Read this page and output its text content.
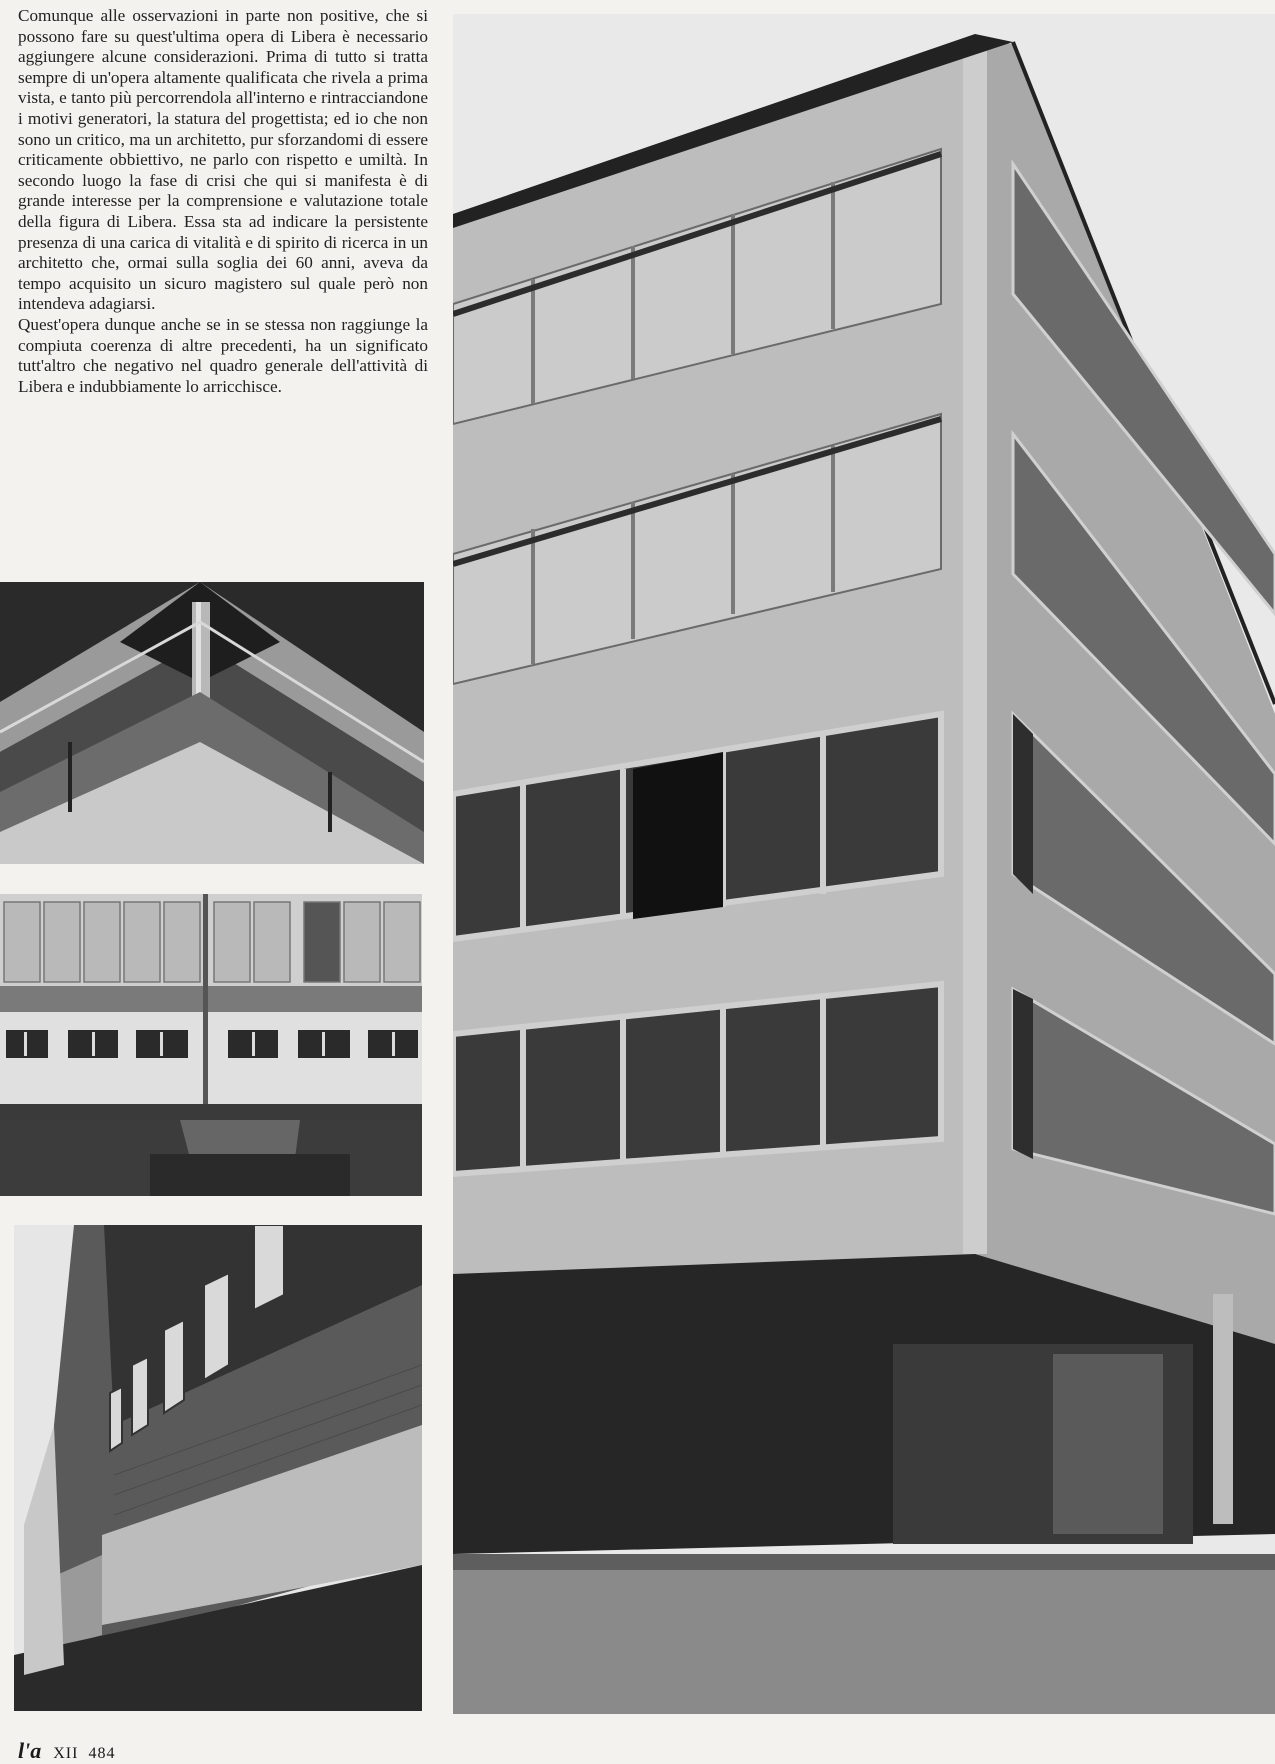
Comunque alle osservazioni in parte non positive, che si possono fare su quest'ultima opera di Libera è necessario aggiungere alcune considerazioni. Prima di tutto si tratta sempre di un'opera altamente qualificata che rivela a prima vista, e tanto più percorrendola all'interno e rintracciandone i motivi generatori, la statura del progettista; ed io che non sono un critico, ma un architetto, pur sforzandomi di essere criticamente obbiettivo, ne parlo con rispetto e umiltà. In secondo luogo la fase di crisi che qui si manifesta è di grande interesse per la comprensione e valutazione totale della figura di Libera. Essa sta ad indicare la persistente presenza di una carica di vitalità e di spirito di ricerca in un architetto che, ormai sulla soglia dei 60 anni, aveva da tempo acquisito un sicuro magistero sul quale però non intendeva adagiarsi.

Quest'opera dunque anche se in se stessa non raggiunge la compiuta coerenza di altre precedenti, ha un significato tutt'altro che negativo nel quadro generale dell'attività di Libera e indubbiamente lo arricchisce.

l'a XII 484
